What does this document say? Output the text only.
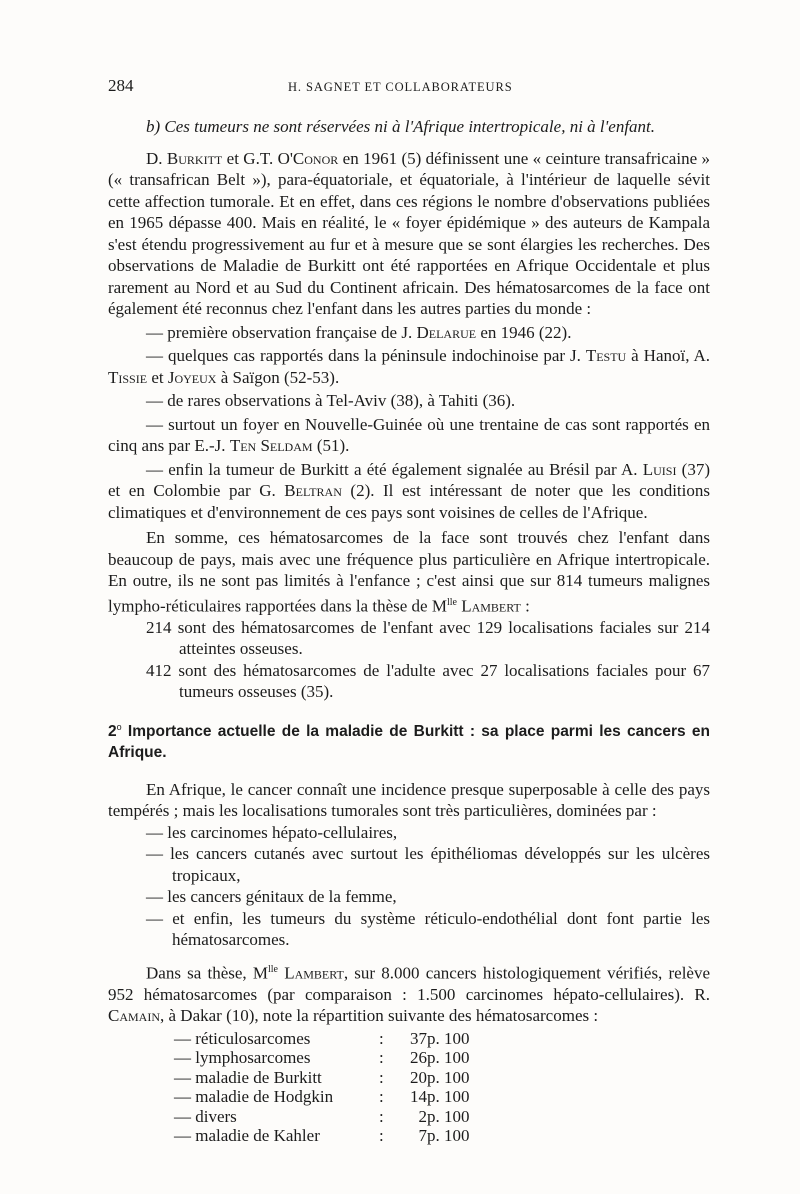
284	H. SAGNET ET COLLABORATEURS

b) Ces tumeurs ne sont réservées ni à l'Afrique intertropicale, ni à l'enfant.

D. Burkitt et G.T. O'Conor en 1961 (5) définissent une « ceinture transafricaine » (« transafrican Belt »), para-équatoriale, et équatoriale, à l'intérieur de laquelle sévit cette affection tumorale. Et en effet, dans ces régions le nombre d'observations publiées en 1965 dépasse 400. Mais en réalité, le « foyer épidémique » des auteurs de Kampala s'est étendu progressivement au fur et à mesure que se sont élargies les recherches. Des observations de Maladie de Burkitt ont été rapportées en Afrique Occidentale et plus rarement au Nord et au Sud du Continent africain. Des hématosarcomes de la face ont également été reconnus chez l'enfant dans les autres parties du monde :

— première observation française de J. Delarue en 1946 (22).

— quelques cas rapportés dans la péninsule indochinoise par J. Testu à Hanoï, A. Tissie et Joyeux à Saïgon (52-53).

— de rares observations à Tel-Aviv (38), à Tahiti (36).

— surtout un foyer en Nouvelle-Guinée où une trentaine de cas sont rapportés en cinq ans par E.-J. Ten Seldam (51).

— enfin la tumeur de Burkitt a été également signalée au Brésil par A. Luisi (37) et en Colombie par G. Beltran (2). Il est intéressant de noter que les conditions climatiques et d'environnement de ces pays sont voisines de celles de l'Afrique.

En somme, ces hématosarcomes de la face sont trouvés chez l'enfant dans beaucoup de pays, mais avec une fréquence plus particulière en Afrique intertropicale. En outre, ils ne sont pas limités à l'enfance ; c'est ainsi que sur 814 tumeurs malignes lympho-réticulaires rapportées dans la thèse de $M^{lle}$ Lambert :

214 sont des hématosarcomes de l'enfant avec 129 localisations faciales sur 214 atteintes osseuses.

412 sont des hématosarcomes de l'adulte avec 27 localisations faciales pour 67 tumeurs osseuses (35).

2$^o$ Importance actuelle de la maladie de Burkitt : sa place parmi les cancers en Afrique.

En Afrique, le cancer connaît une incidence presque superposable à celle des pays tempérés ; mais les localisations tumorales sont très particulières, dominées par :

— les carcinomes hépato-cellulaires,

— les cancers cutanés avec surtout les épithéliomas développés sur les ulcères tropicaux,

— les cancers génitaux de la femme,

— et enfin, les tumeurs du système réticulo-endothélial dont font partie les hématosarcomes.

Dans sa thèse, $M^{lle}$ Lambert, sur 8.000 cancers histologiquement vérifiés, relève 952 hématosarcomes (par comparaison : 1.500 carcinomes hépato-cellulaires). R. Camain, à Dakar (10), note la répartition suivante des hématosarcomes :

— réticulosarcomes	:	37	p. 100
— lymphosarcomes	:	26	p. 100
— maladie de Burkitt	:	20	p. 100
— maladie de Hodgkin	:	14	p. 100
— divers	:	2	p. 100
— maladie de Kahler	:	7	p. 100
